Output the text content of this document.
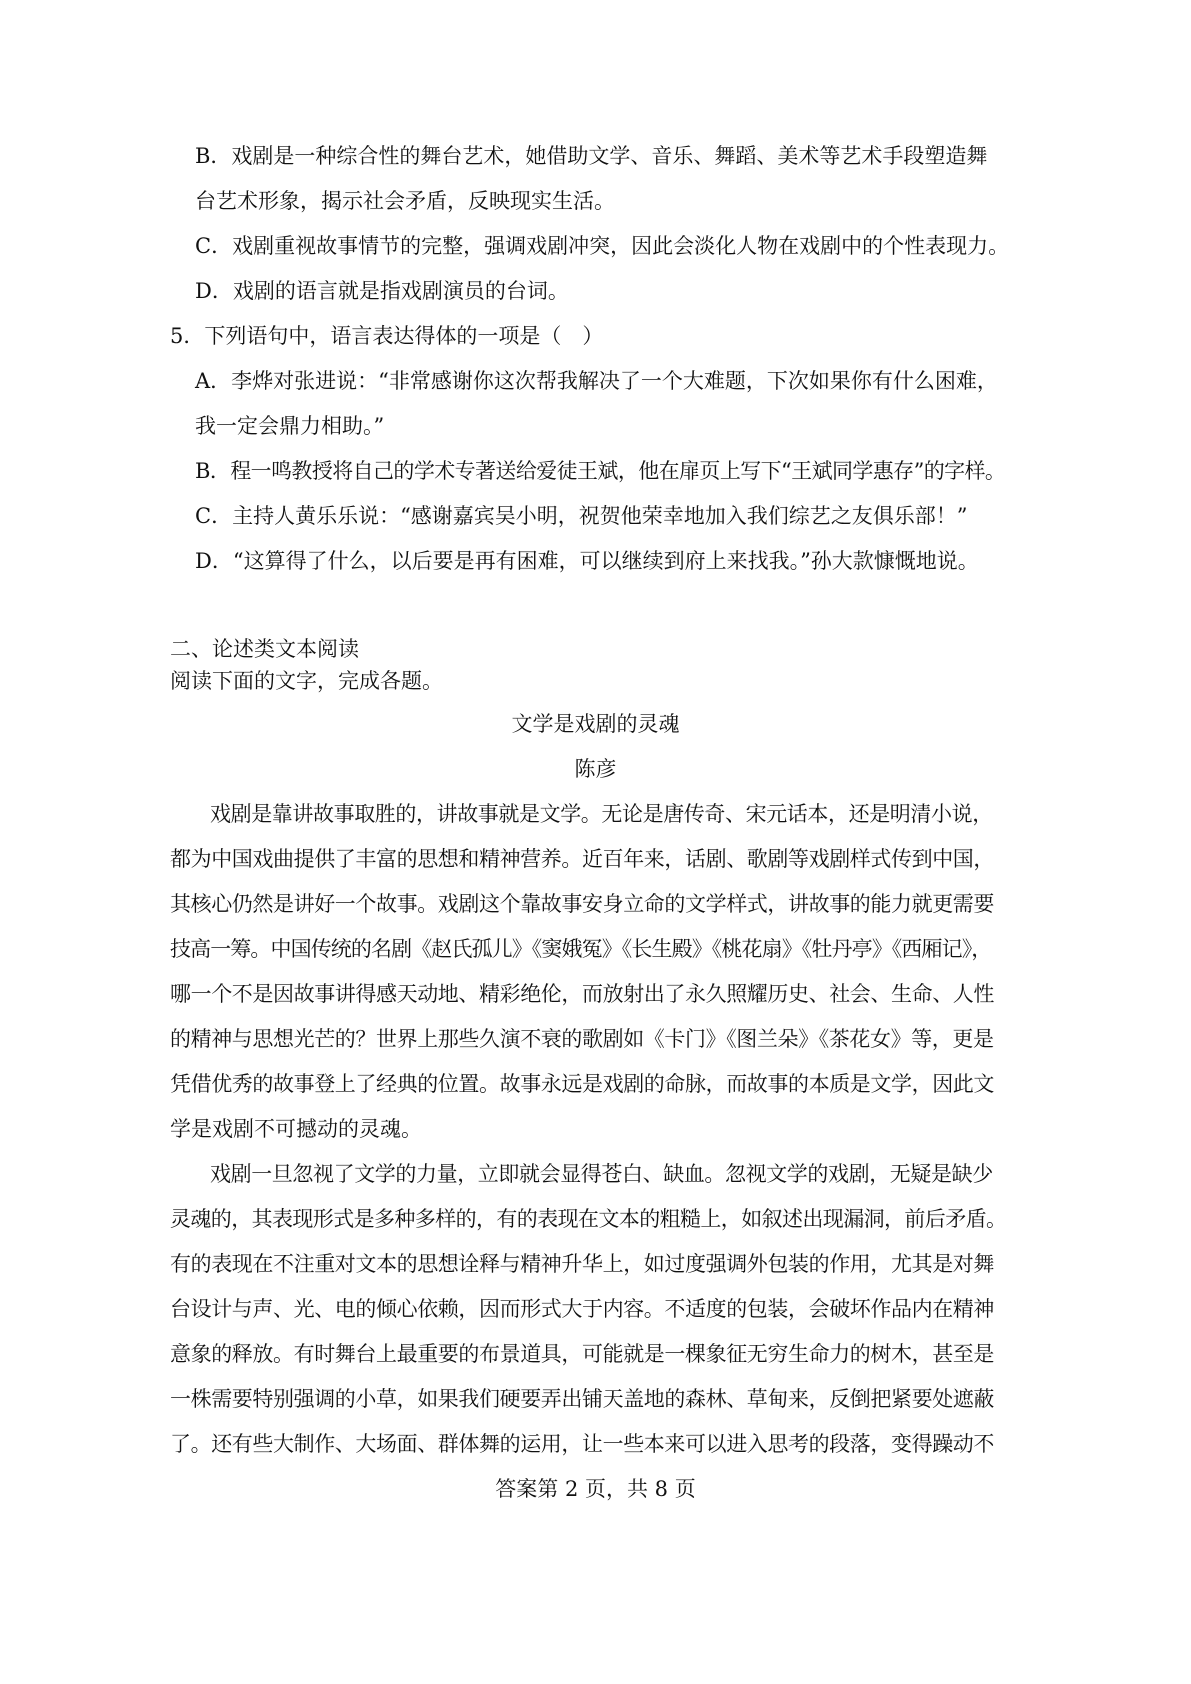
B．戏剧是一种综合性的舞台艺术，她借助文学、音乐、舞蹈、美术等艺术手段塑造舞

台艺术形象，揭示社会矛盾，反映现实生活。

C．戏剧重视故事情节的完整，强调戏剧冲突，因此会淡化人物在戏剧中的个性表现力。

D．戏剧的语言就是指戏剧演员的台词。

5．下列语句中，语言表达得体的一项是（　）

A．李烨对张进说：“非常感谢你这次帮我解决了一个大难题，下次如果你有什么困难，

我一定会鼎力相助。”

B．程一鸣教授将自己的学术专著送给爱徒王斌，他在扉页上写下“王斌同学惠存”的字样。

C．主持人黄乐乐说：“感谢嘉宾吴小明，祝贺他荣幸地加入我们综艺之友俱乐部！”

D．“这算得了什么，以后要是再有困难，可以继续到府上来找我。”孙大款慷慨地说。

二、论述类文本阅读

阅读下面的文字，完成各题。

文学是戏剧的灵魂

陈彦

戏剧是靠讲故事取胜的，讲故事就是文学。无论是唐传奇、宋元话本，还是明清小说，

都为中国戏曲提供了丰富的思想和精神营养。近百年来，话剧、歌剧等戏剧样式传到中国，

其核心仍然是讲好一个故事。戏剧这个靠故事安身立命的文学样式，讲故事的能力就更需要

技高一筹。中国传统的名剧《赵氏孤儿》《窦娥冤》《长生殿》《桃花扇》《牡丹亭》《西厢记》，

哪一个不是因故事讲得感天动地、精彩绝伦，而放射出了永久照耀历史、社会、生命、人性

的精神与思想光芒的？世界上那些久演不衰的歌剧如《卡门》《图兰朵》《茶花女》等，更是

凭借优秀的故事登上了经典的位置。故事永远是戏剧的命脉，而故事的本质是文学，因此文

学是戏剧不可撼动的灵魂。

戏剧一旦忽视了文学的力量，立即就会显得苍白、缺血。忽视文学的戏剧，无疑是缺少

灵魂的，其表现形式是多种多样的，有的表现在文本的粗糙上，如叙述出现漏洞，前后矛盾。

有的表现在不注重对文本的思想诠释与精神升华上，如过度强调外包装的作用，尤其是对舞

台设计与声、光、电的倾心依赖，因而形式大于内容。不适度的包装，会破坏作品内在精神

意象的释放。有时舞台上最重要的布景道具，可能就是一棵象征无穷生命力的树木，甚至是

一株需要特别强调的小草，如果我们硬要弄出铺天盖地的森林、草甸来，反倒把紧要处遮蔽

了。还有些大制作、大场面、群体舞的运用，让一些本来可以进入思考的段落，变得躁动不

答案第 2 页，共 8 页
